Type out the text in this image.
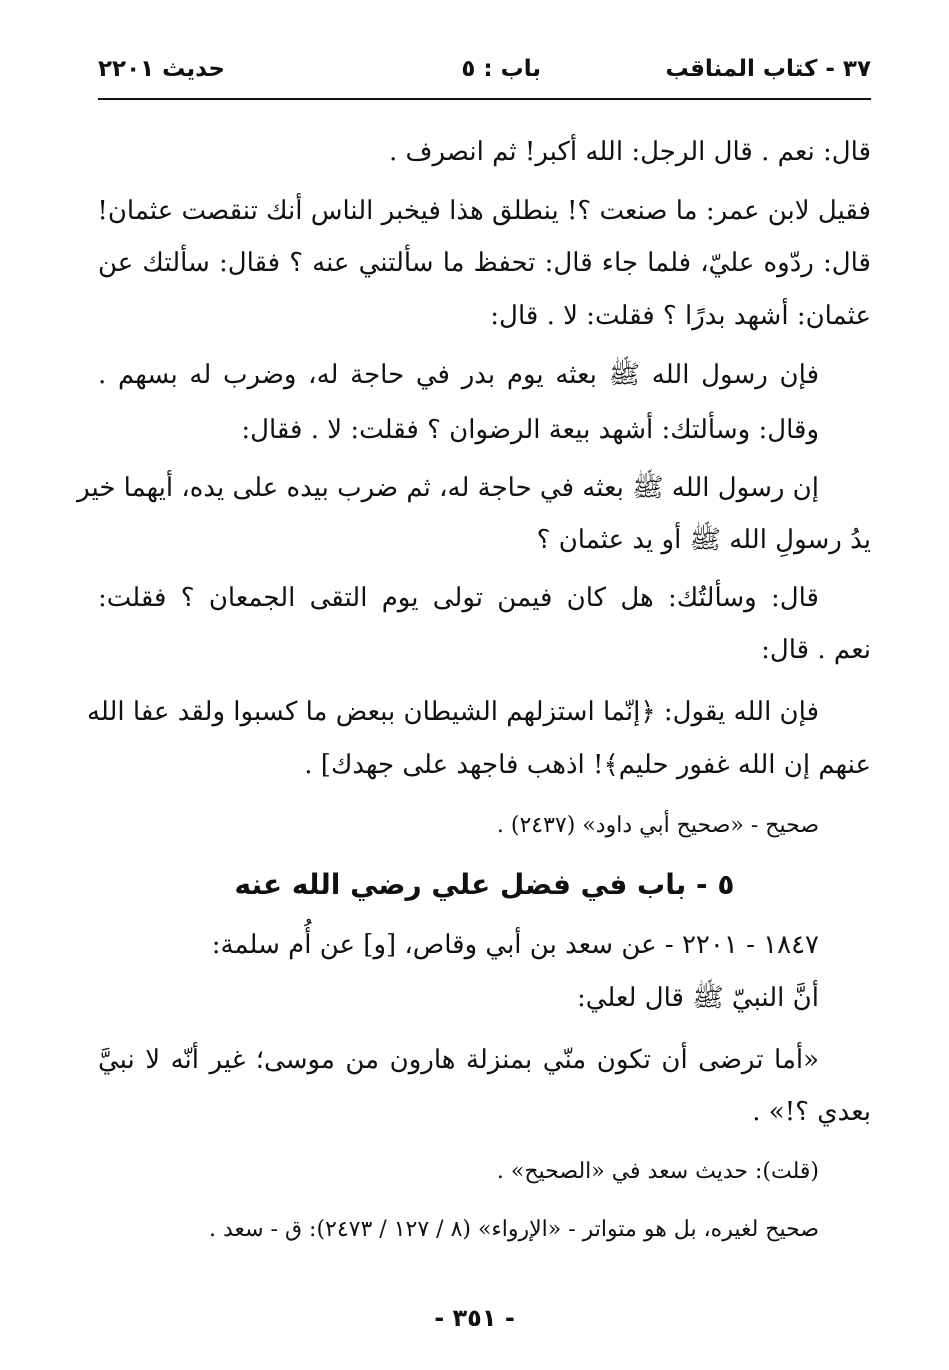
٣٧ - كتاب المناقب
باب : ٥
حديث ٢٢٠١
قال: نعم . قال الرجل: الله أكبر! ثم انصرف .
فقيل لابن عمر: ما صنعت ؟! ينطلق هذا فيخبر الناس أنك تنقصت عثمان!
قال: ردّوه عليّ، فلما جاء قال: تحفظ ما سألتني عنه ؟ فقال: سألتك عن
عثمان: أشهد بدرًا ؟ فقلت: لا . قال:
فإن رسول الله ﷺ بعثه يوم بدر في حاجة له، وضرب له بسهم .
وقال: وسألتك: أشهد بيعة الرضوان ؟ فقلت: لا . فقال:
إن رسول الله ﷺ بعثه في حاجة له، ثم ضرب بيده على يده، أيهما خير
يدُ رسولِ الله ﷺ أو يد عثمان ؟
قال: وسألتُك: هل كان فيمن تولى يوم التقى الجمعان ؟ فقلت:
نعم . قال:
فإن الله يقول: ﴿إنّما استزلهم الشيطان ببعض ما كسبوا ولقد عفا الله
عنهم إن الله غفور حليم﴾! اذهب فاجهد على جهدك] .
صحيح - «صحيح أبي داود» (٢٤٣٧) .
٥ - باب في فضل علي رضي الله عنه
١٨٤٧ - ٢٢٠١ - عن سعد بن أبي وقاص، [و] عن أُم سلمة:
أنَّ النبيّ ﷺ قال لعلي:
«أما ترضى أن تكون منّي بمنزلة هارون من موسى؛ غير أنّه لا نبيَّ
بعدي ؟!» .
(قلت): حديث سعد في «الصحيح» .
صحيح لغيره، بل هو متواتر - «الإرواء» (٨ / ١٢٧ / ٢٤٧٣): ق - سعد .
- ٣٥١ -
